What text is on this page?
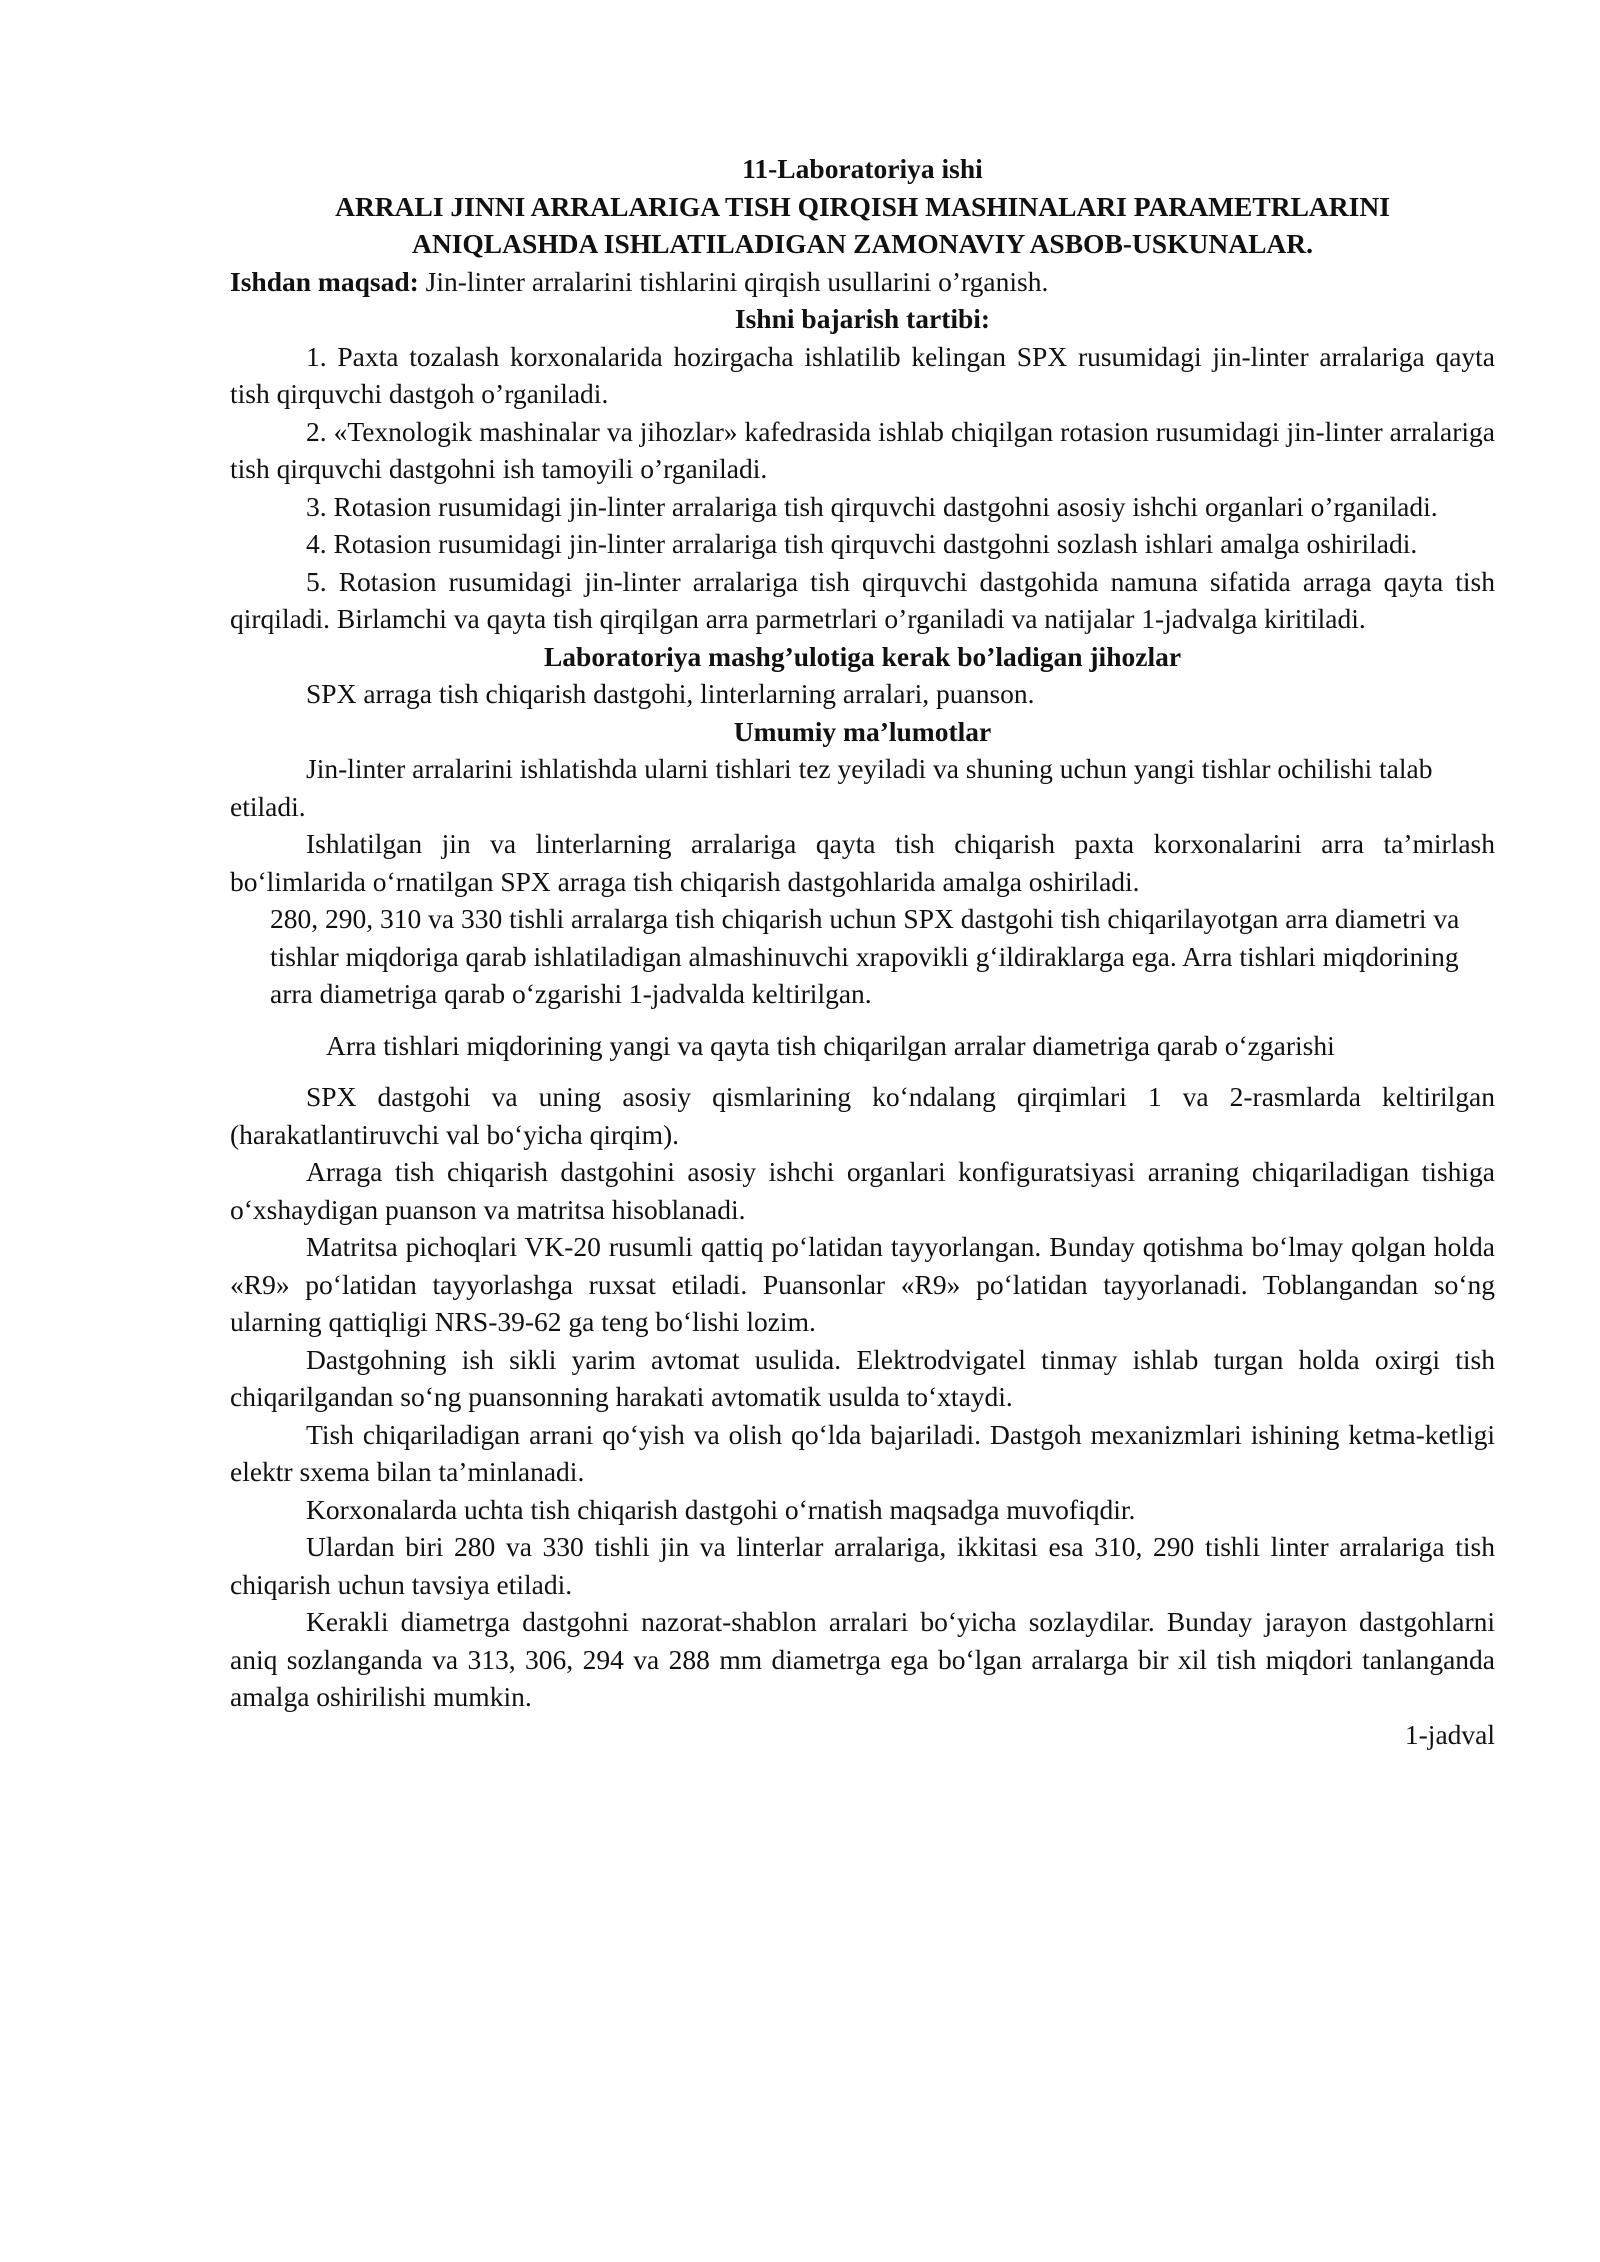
11-Laboratoriya ishi

ARRALI JINNI ARRALARIGA TISH QIRQISH MASHINALARI PARAMETRLARINI

ANIQLASHDA ISHLATILADIGAN ZAMONAVIY ASBOB-USKUNALAR.

Ishdan maqsad: Jin-linter arralarini tishlarini qirqish usullarini o’rganish.

Ishni bajarish tartibi:

1. Paxta tozalash korxonalarida hozirgacha ishlatilib kelingan SPX rusumidagi jin-linter arralariga qayta tish qirquvchi dastgoh o’rganiladi.

2. «Texnologik mashinalar va jihozlar» kafedrasida ishlab chiqilgan rotasion rusumidagi jin-linter arralariga tish qirquvchi dastgohni ish tamoyili o’rganiladi.

3. Rotasion rusumidagi jin-linter arralariga tish qirquvchi dastgohni asosiy ishchi organlari o’rganiladi.

4. Rotasion rusumidagi jin-linter arralariga tish qirquvchi dastgohni sozlash ishlari amalga oshiriladi.

5. Rotasion rusumidagi jin-linter arralariga tish qirquvchi dastgohida namuna sifatida arraga qayta tish qirqiladi. Birlamchi va qayta tish qirqilgan arra parmetrlari o’rganiladi va natijalar 1-jadvalga kiritiladi.

Laboratoriya mashg’ulotiga kerak bo’ladigan jihozlar

SPX arraga tish chiqarish dastgohi, linterlarning arralari, puanson.

Umumiy ma’lumotlar

Jin-linter arralarini ishlatishda ularni tishlari tez yeyiladi va shuning uchun yangi tishlar ochilishi talab etiladi.

Ishlatilgan jin va linterlarning arralariga qayta tish chiqarish paxta korxonalarini arra ta’mirlash bo‘limlarida o‘rnatilgan SPX arraga tish chiqarish dastgohlarida amalga oshiriladi.

280, 290, 310 va 330 tishli arralarga tish chiqarish uchun SPX dastgohi tish chiqarilayotgan arra diametri va tishlar miqdoriga qarab ishlatiladigan almashinuvchi xrapovikli g‘ildiraklarga ega. Arra tishlari miqdorining arra diametriga qarab o‘zgarishi 1-jadvalda keltirilgan.

Arra tishlari miqdorining yangi va qayta tish chiqarilgan arralar diametriga qarab o‘zgarishi

SPX dastgohi va uning asosiy qismlarining ko‘ndalang qirqimlari 1 va 2-rasmlarda keltirilgan (harakatlantiruvchi val bo‘yicha qirqim).

Arraga tish chiqarish dastgohini asosiy ishchi organlari konfiguratsiyasi arraning chiqariladigan tishiga o‘xshaydigan puanson va matritsa hisoblanadi.

Matritsa pichoqlari VK-20 rusumli qattiq po‘latidan tayyorlangan. Bunday qotishma bo‘lmay qolgan holda «R9» po‘latidan tayyorlashga ruxsat etiladi. Puansonlar «R9» po‘latidan tayyorlanadi. Toblangandan so‘ng ularning qattiqligi NRS-39-62 ga teng bo‘lishi lozim.

Dastgohning ish sikli yarim avtomat usulida. Elektrodvigatel tinmay ishlab turgan holda oxirgi tish chiqarilgandan so‘ng puansonning harakati avtomatik usulda to‘xtaydi.

Tish chiqariladigan arrani qo‘yish va olish qo‘lda bajariladi. Dastgoh mexanizmlari ishining ketma-ketligi elektr sxema bilan ta’minlanadi.

Korxonalarda uchta tish chiqarish dastgohi o‘rnatish maqsadga muvofiqdir.

Ulardan biri 280 va 330 tishli jin va linterlar arralariga, ikkitasi esa 310, 290 tishli linter arralariga tish chiqarish uchun tavsiya etiladi.

Kerakli diametrga dastgohni nazorat-shablon arralari bo‘yicha sozlaydilar. Bunday jarayon dastgohlarni aniq sozlanganda va 313, 306, 294 va 288 mm diametrga ega bo‘lgan arralarga bir xil tish miqdori tanlanganda amalga oshirilishi mumkin.

1-jadval
